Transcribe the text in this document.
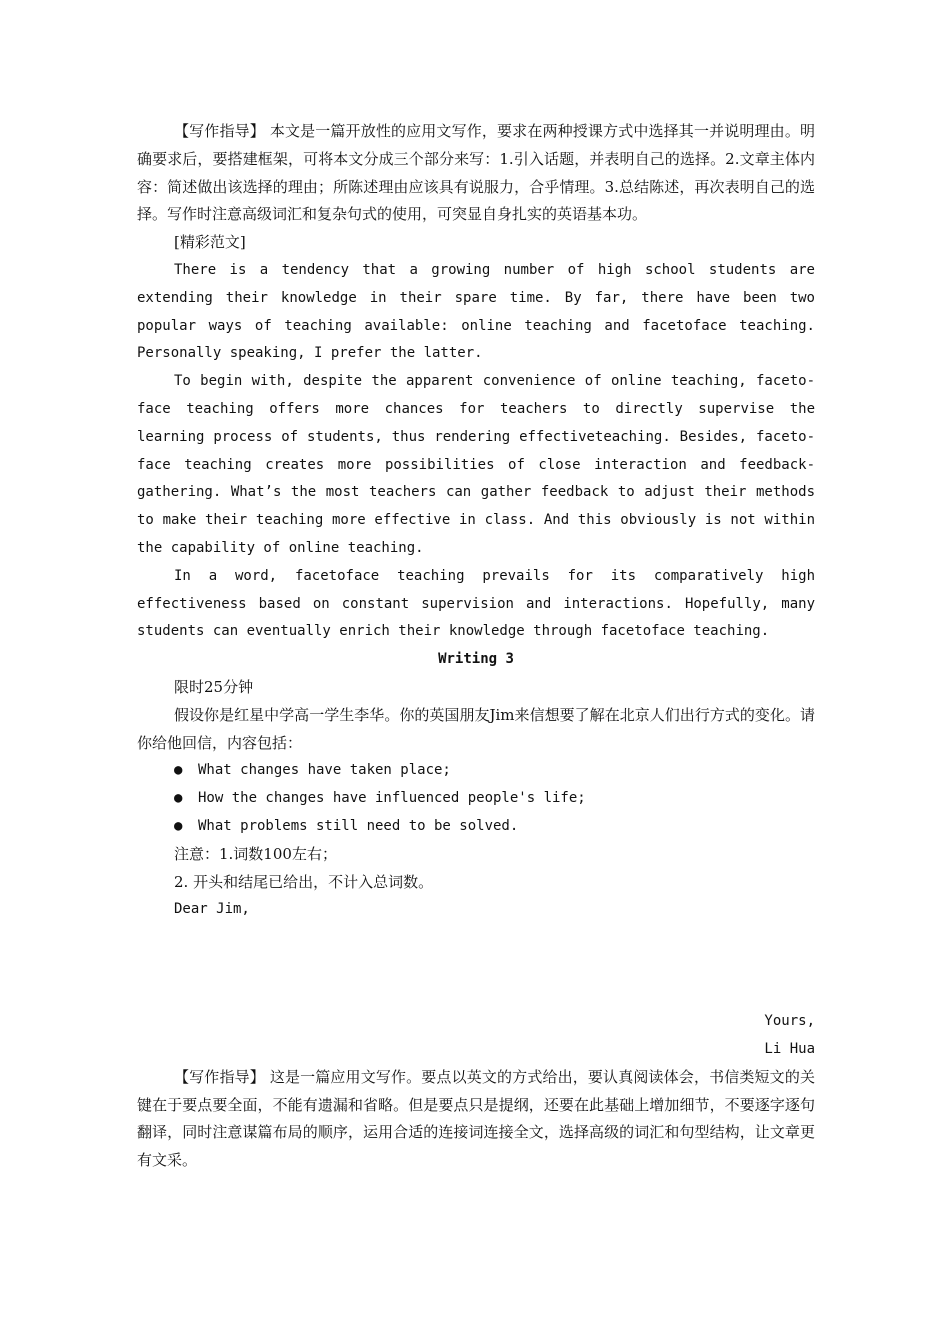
【写作指导】 本文是一篇开放性的应用文写作，要求在两种授课方式中选择其一并说明理由。明确要求后，要搭建框架，可将本文分成三个部分来写：1.引入话题，并表明自己的选择。2.文章主体内容：简述做出该选择的理由；所陈述理由应该具有说服力，合乎情理。3.总结陈述，再次表明自己的选择。写作时注意高级词汇和复杂句式的使用，可突显自身扎实的英语基本功。

[精彩范文]

There is a tendency that a growing number of high school students are extending their knowledge in their spare time. By far, there have been two popular ways of teaching available: online teaching and facetoface teaching. Personally speaking, I prefer the latter.

To begin with, despite the apparent convenience of online teaching, faceto-face teaching offers more chances for teachers to directly supervise the learning process of students, thus rendering effectiveteaching. Besides, faceto-face teaching creates more possibilities of close interaction and feedback-gathering. What’s the most teachers can gather feedback to adjust their methods to make their teaching more effective in class. And this obviously is not within the capability of online teaching.

In a word, facetoface teaching prevails for its comparatively high effectiveness based on constant supervision and interactions. Hopefully, many students can eventually enrich their knowledge through facetoface teaching.

Writing 3

限时25分钟

假设你是红星中学高一学生李华。你的英国朋友Jim来信想要了解在北京人们出行方式的变化。请你给他回信，内容包括：

● What changes have taken place;

● How the changes have influenced people's life;

● What problems still need to be solved.

注意：1.词数100左右；

2. 开头和结尾已给出，不计入总词数。

Dear Jim,

Yours,

Li Hua

【写作指导】 这是一篇应用文写作。要点以英文的方式给出，要认真阅读体会，书信类短文的关键在于要点要全面，不能有遗漏和省略。但是要点只是提纲，还要在此基础上增加细节，不要逐字逐句翻译，同时注意谋篇布局的顺序，运用合适的连接词连接全文，选择高级的词汇和句型结构，让文章更有文采。
